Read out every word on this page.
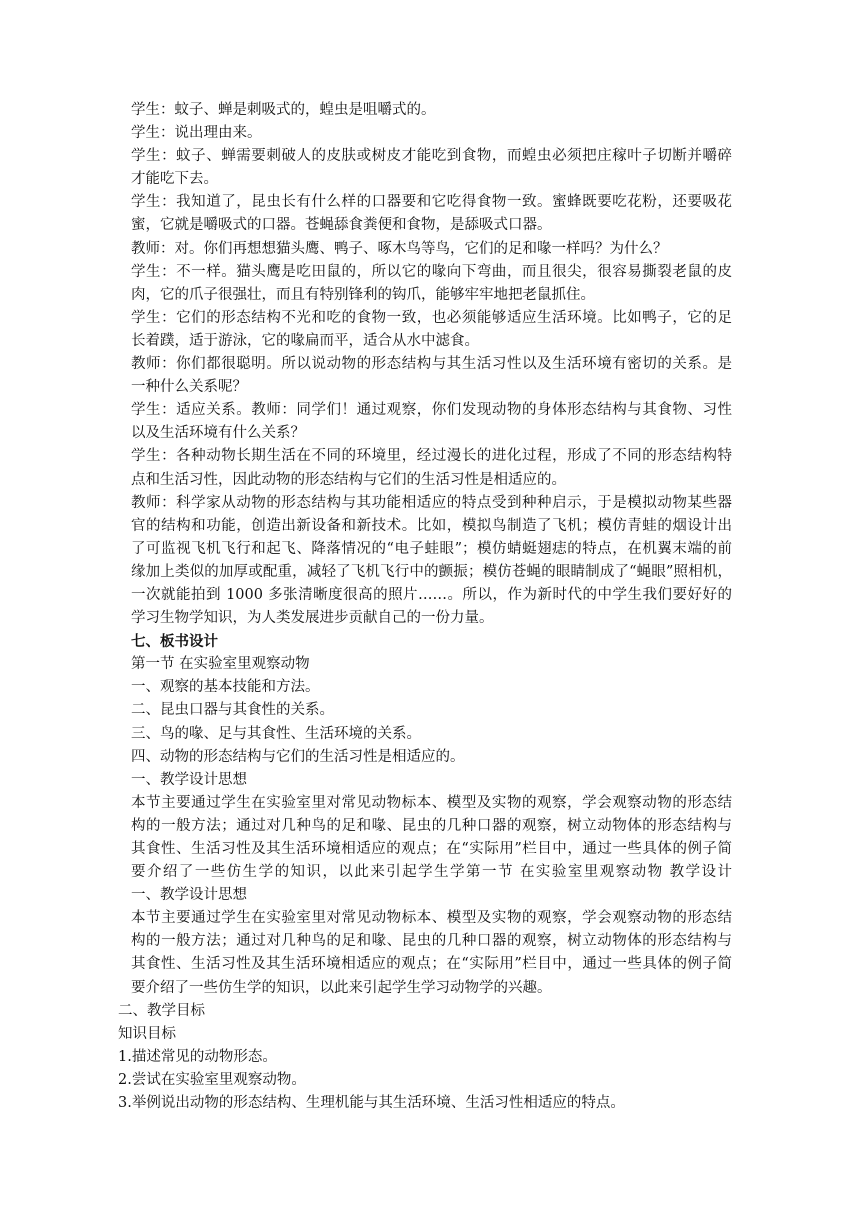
学生：蚊子、蝉是刺吸式的，蝗虫是咀嚼式的。
学生：说出理由来。
学生：蚊子、蝉需要刺破人的皮肤或树皮才能吃到食物，而蝗虫必须把庄稼叶子切断并嚼碎
才能吃下去。
学生：我知道了，昆虫长有什么样的口器要和它吃得食物一致。蜜蜂既要吃花粉，还要吸花
蜜，它就是嚼吸式的口器。苍蝇舔食粪便和食物，是舔吸式口器。
教师：对。你们再想想猫头鹰、鸭子、啄木鸟等鸟，它们的足和喙一样吗？为什么？
学生：不一样。猫头鹰是吃田鼠的，所以它的喙向下弯曲，而且很尖，很容易撕裂老鼠的皮
肉，它的爪子很强壮，而且有特别锋利的钩爪，能够牢牢地把老鼠抓住。
学生：它们的形态结构不光和吃的食物一致，也必须能够适应生活环境。比如鸭子，它的足
长着蹼，适于游泳，它的喙扁而平，适合从水中滤食。
教师：你们都很聪明。所以说动物的形态结构与其生活习性以及生活环境有密切的关系。是
一种什么关系呢？
学生：适应关系。教师：同学们！通过观察，你们发现动物的身体形态结构与其食物、习性
以及生活环境有什么关系？
学生：各种动物长期生活在不同的环境里，经过漫长的进化过程，形成了不同的形态结构特
点和生活习性，因此动物的形态结构与它们的生活习性是相适应的。
教师：科学家从动物的形态结构与其功能相适应的特点受到种种启示，于是模拟动物某些器
官的结构和功能，创造出新设备和新技术。比如，模拟鸟制造了飞机；模仿青蛙的烟设计出
了可监视飞机飞行和起飞、降落情况的“电子蛙眼”；模仿蜻蜓翅痣的特点，在机翼末端的前
缘加上类似的加厚或配重，减轻了飞机飞行中的颤振；模仿苍蝇的眼睛制成了“蝇眼”照相机，
一次就能拍到 1000 多张清晰度很高的照片……。所以，作为新时代的中学生我们要好好的
学习生物学知识，为人类发展进步贡献自己的一份力量。
七、板书设计
第一节 在实验室里观察动物
一、观察的基本技能和方法。
二、昆虫口器与其食性的关系。
三、鸟的喙、足与其食性、生活环境的关系。
四、动物的形态结构与它们的生活习性是相适应的。
一、教学设计思想
本节主要通过学生在实验室里对常见动物标本、模型及实物的观察，学会观察动物的形态结
构的一般方法；通过对几种鸟的足和喙、昆虫的几种口器的观察，树立动物体的形态结构与
其食性、生活习性及其生活环境相适应的观点；在“实际用”栏目中，通过一些具体的例子简
要介绍了一些仿生学的知识，以此来引起学生学第一节 在实验室里观察动物 教学设计
一、教学设计思想
本节主要通过学生在实验室里对常见动物标本、模型及实物的观察，学会观察动物的形态结
构的一般方法；通过对几种鸟的足和喙、昆虫的几种口器的观察，树立动物体的形态结构与
其食性、生活习性及其生活环境相适应的观点；在“实际用”栏目中，通过一些具体的例子简
要介绍了一些仿生学的知识，以此来引起学生学习动物学的兴趣。
二、教学目标
知识目标
1.描述常见的动物形态。
2.尝试在实验室里观察动物。
3.举例说出动物的形态结构、生理机能与其生活环境、生活习性相适应的特点。
